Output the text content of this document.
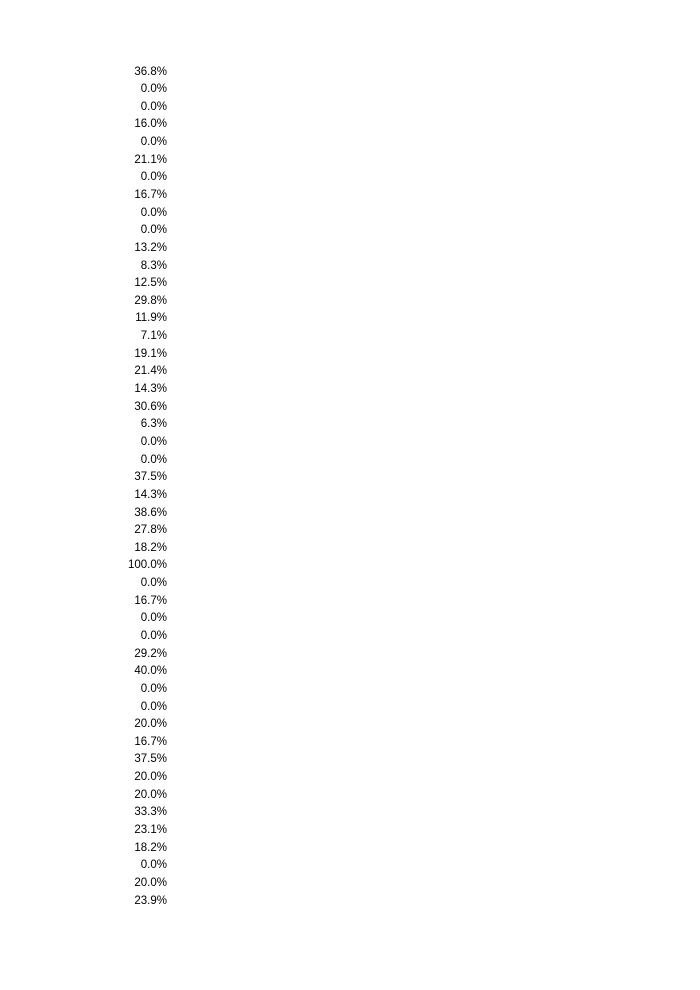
36.8%
0.0%
0.0%
16.0%
0.0%
21.1%
0.0%
16.7%
0.0%
0.0%
13.2%
8.3%
12.5%
29.8%
11.9%
7.1%
19.1%
21.4%
14.3%
30.6%
6.3%
0.0%
0.0%
37.5%
14.3%
38.6%
27.8%
18.2%
100.0%
0.0%
16.7%
0.0%
0.0%
29.2%
40.0%
0.0%
0.0%
20.0%
16.7%
37.5%
20.0%
20.0%
33.3%
23.1%
18.2%
0.0%
20.0%
23.9%
